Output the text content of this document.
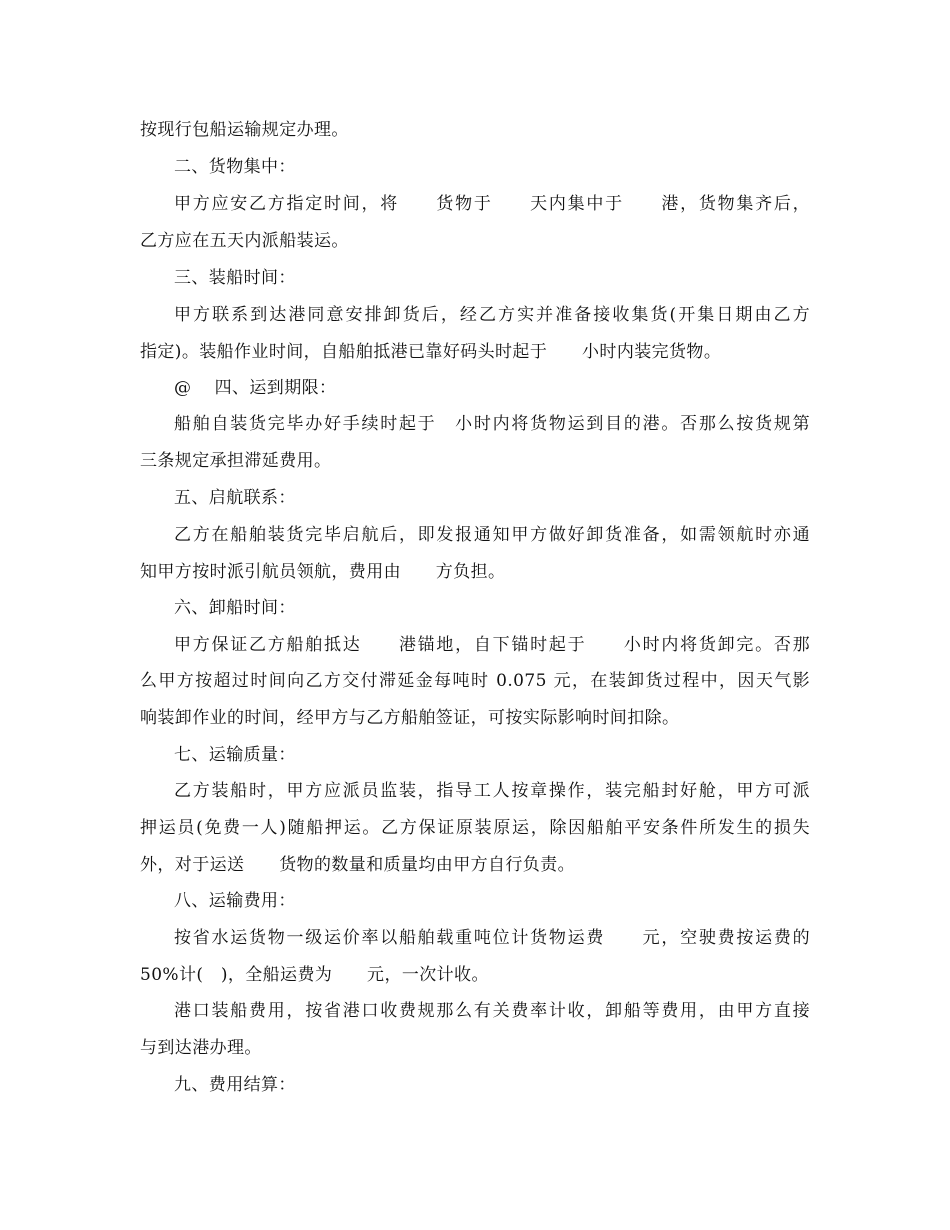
按现行包船运输规定办理。
二、货物集中：
甲方应安乙方指定时间，将　　货物于　　天内集中于　　港，货物集齐后，
乙方应在五天内派船装运。
三、装船时间：
甲方联系到达港同意安排卸货后，经乙方实并准备接收集货(开集日期由乙方
指定)。装船作业时间，自船舶抵港已靠好码头时起于　　小时内装完货物。
@　 四、运到期限：
船舶自装货完毕办好手续时起于　小时内将货物运到目的港。否那么按货规第
三条规定承担滞延费用。
五、启航联系：
乙方在船舶装货完毕启航后，即发报通知甲方做好卸货准备，如需领航时亦通
知甲方按时派引航员领航，费用由　　方负担。
六、卸船时间：
甲方保证乙方船舶抵达　　港锚地，自下锚时起于　　小时内将货卸完。否那
么甲方按超过时间向乙方交付滞延金每吨时 0.075 元，在装卸货过程中，因天气影
响装卸作业的时间，经甲方与乙方船舶签证，可按实际影响时间扣除。
七、运输质量：
乙方装船时，甲方应派员监装，指导工人按章操作，装完船封好舱，甲方可派
押运员(免费一人)随船押运。乙方保证原装原运，除因船舶平安条件所发生的损失
外，对于运送　　货物的数量和质量均由甲方自行负责。
八、运输费用：
按省水运货物一级运价率以船舶载重吨位计货物运费　　元，空驶费按运费的
50%计(　)，全船运费为　　元，一次计收。
港口装船费用，按省港口收费规那么有关费率计收，卸船等费用，由甲方直接
与到达港办理。
九、费用结算：
